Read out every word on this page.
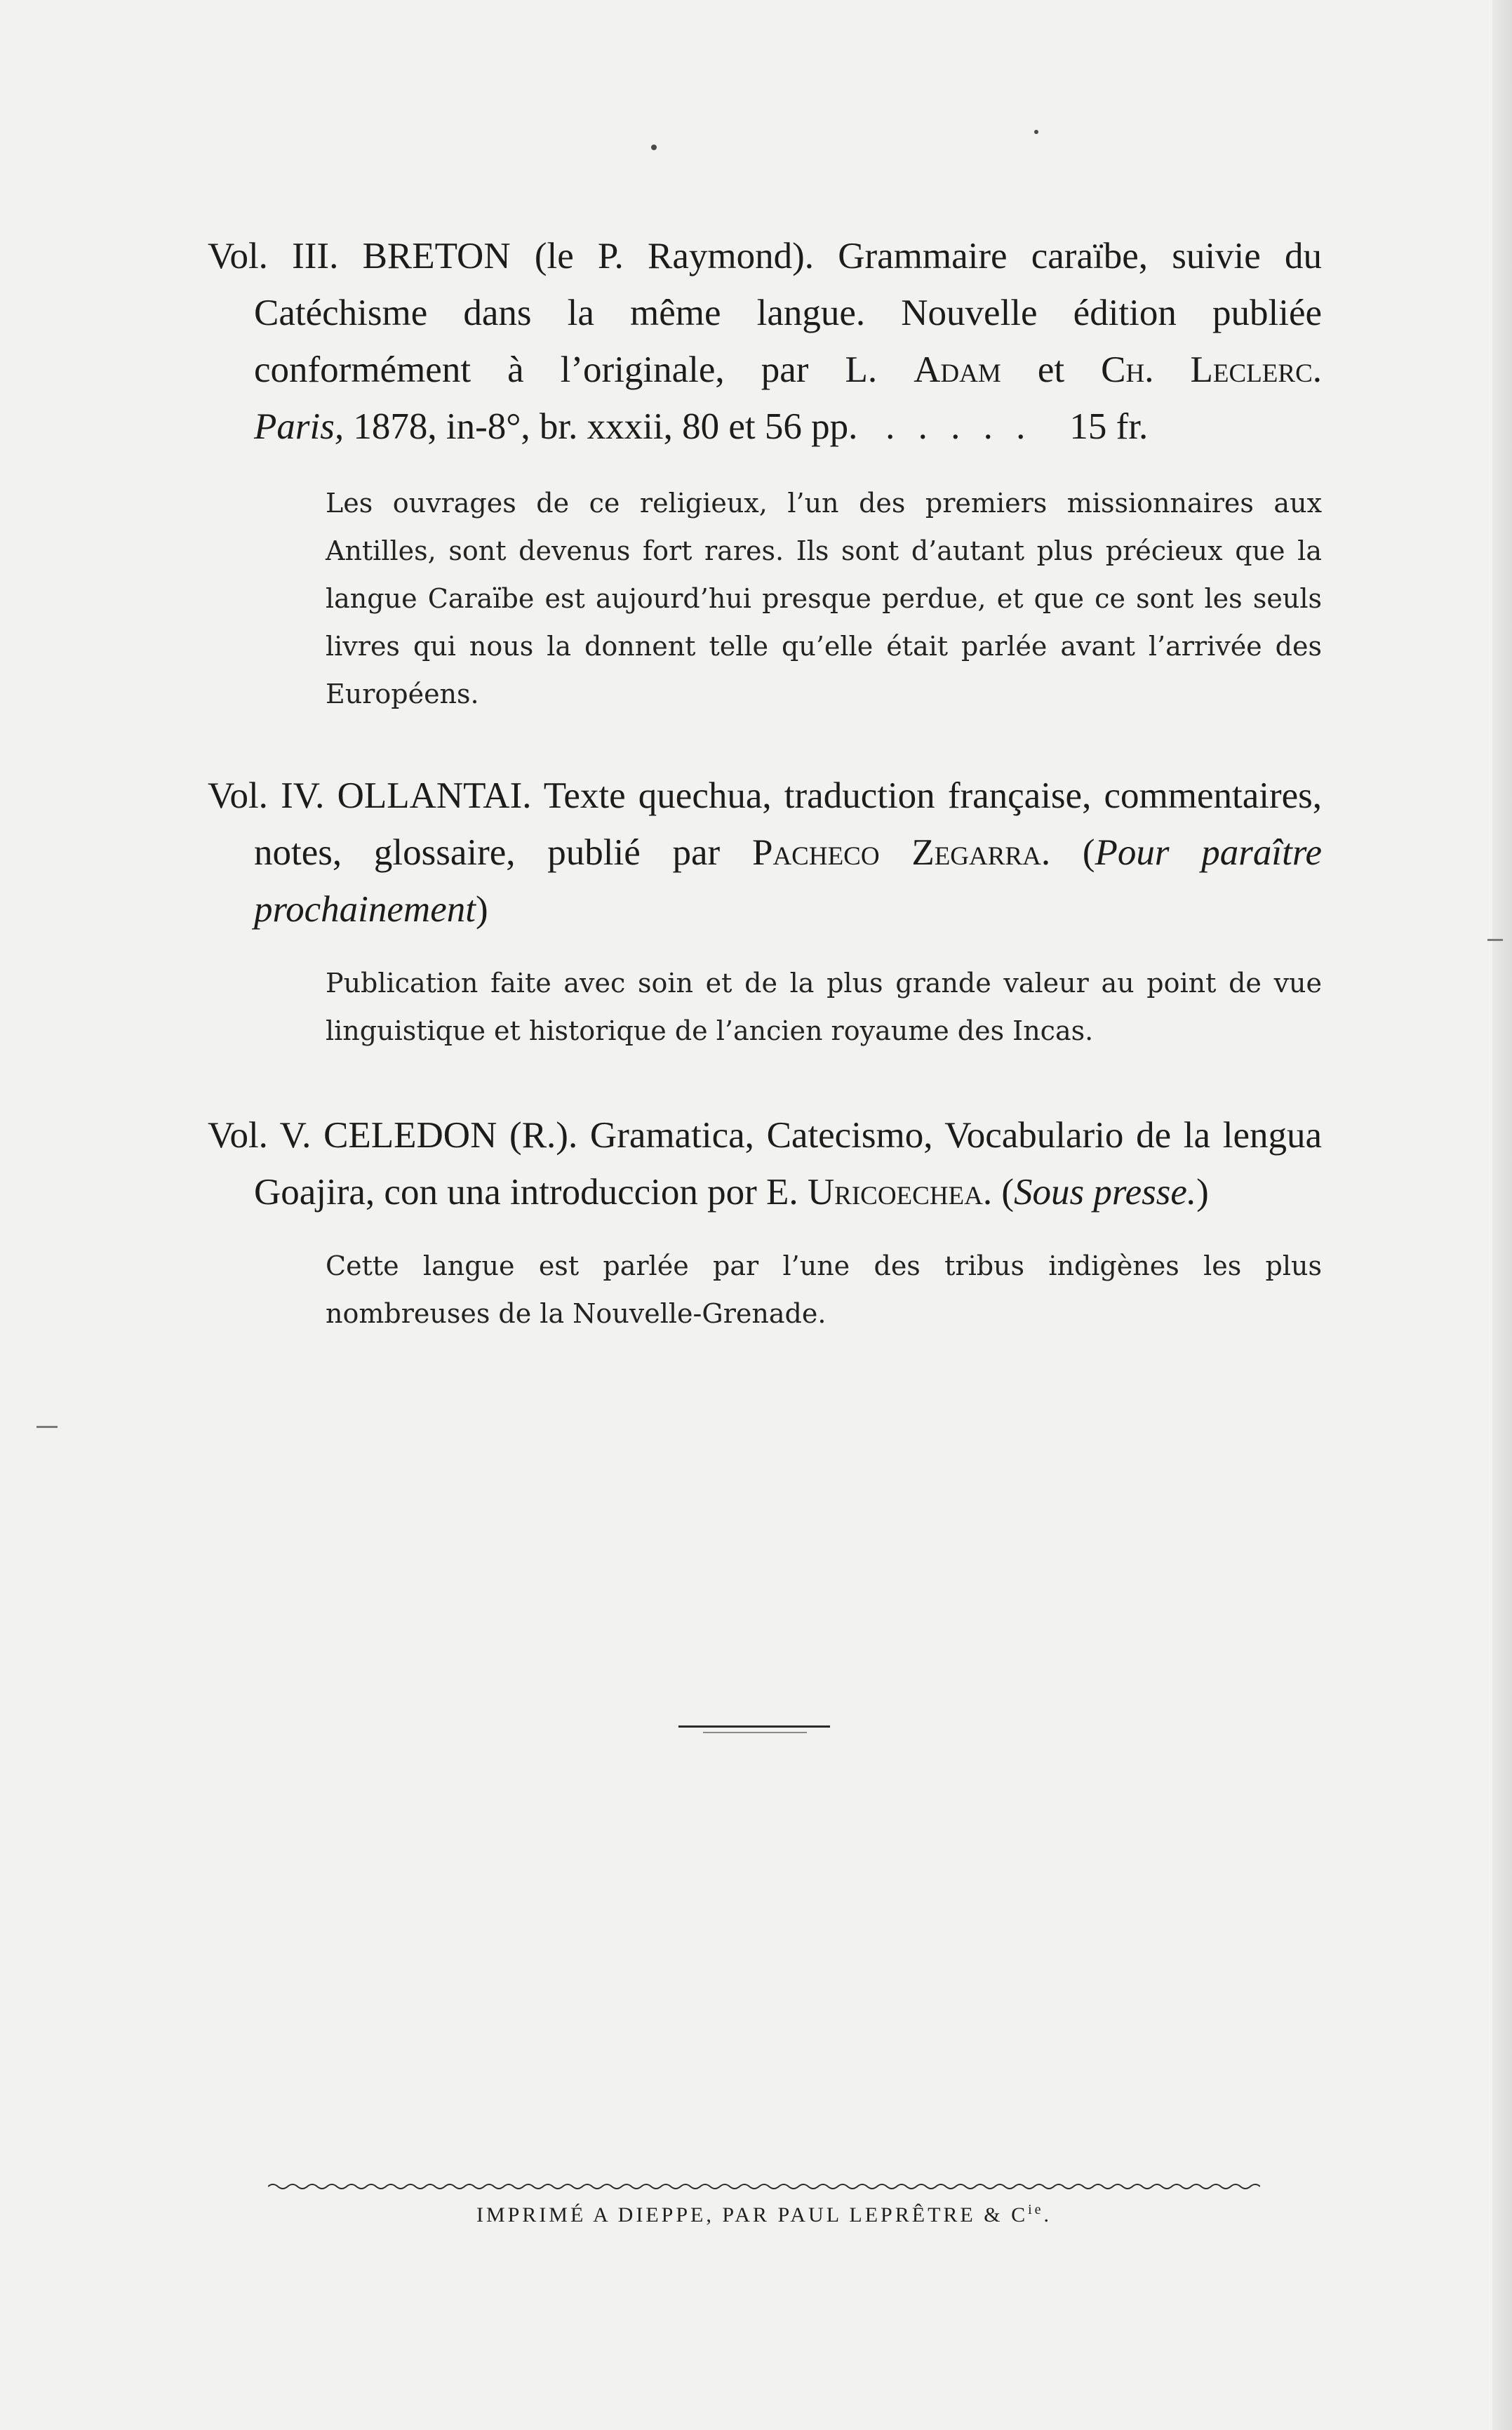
Vol. III. BRETON (le P. Raymond). Grammaire caraïbe, suivie du Catéchisme dans la même langue. Nouvelle édition publiée conformément à l’originale, par L. Adam et Ch. Leclerc. Paris, 1878, in-8°, br. xxxii, 80 et 56 pp. . . . . . 15 fr.

Les ouvrages de ce religieux, l’un des premiers missionnaires aux Antilles, sont devenus fort rares. Ils sont d’autant plus précieux que la langue Caraïbe est aujourd’hui presque perdue, et que ce sont les seuls livres qui nous la donnent telle qu’elle était parlée avant l’arrivée des Européens.

Vol. IV. OLLANTAI. Texte quechua, traduction française, commentaires, notes, glossaire, publié par Pacheco Zegarra. (Pour paraître prochainement)

Publication faite avec soin et de la plus grande valeur au point de vue linguistique et historique de l’ancien royaume des Incas.

Vol. V. CELEDON (R.). Gramatica, Catecismo, Vocabulario de la lengua Goajira, con una introduccion por E. Uricoechea. (Sous presse.)

Cette langue est parlée par l’une des tribus indigènes les plus nombreuses de la Nouvelle-Grenade.

IMPRIMÉ A DIEPPE, PAR PAUL LEPRÊTRE & $C^{ie}$.
